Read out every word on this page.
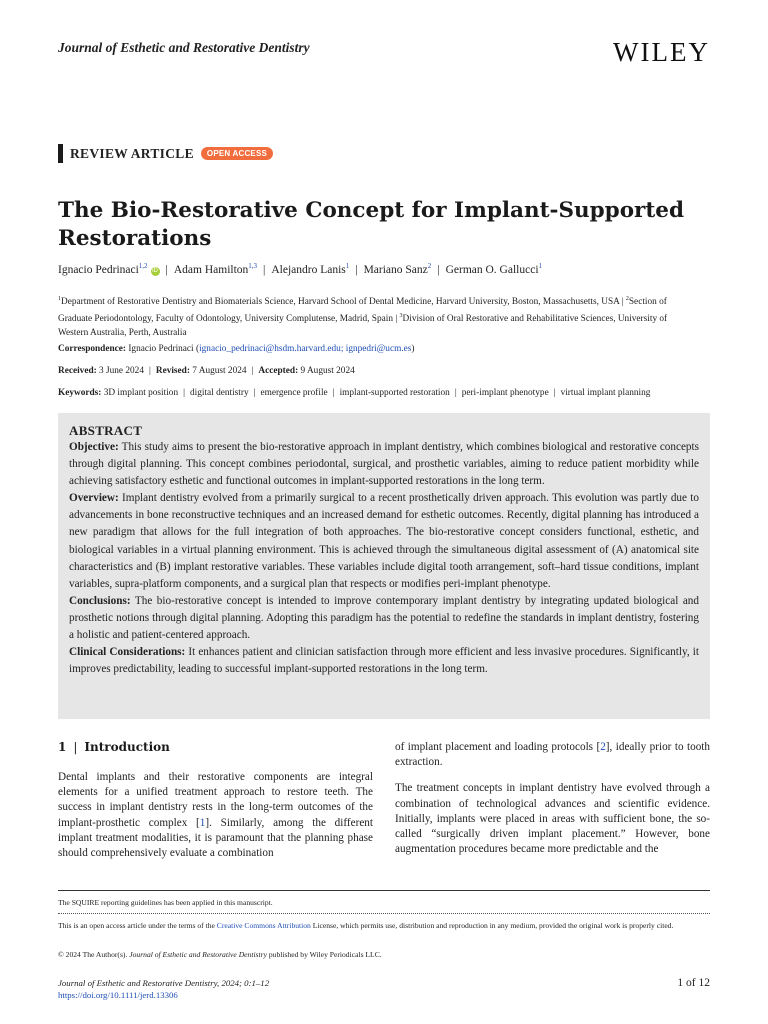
Journal of Esthetic and Restorative Dentistry	WILEY
REVIEW ARTICLE	OPEN ACCESS
The Bio-Restorative Concept for Implant-Supported Restorations
Ignacio Pedrinaci$^{1,2}$iD | Adam Hamilton$^{1,3}$ | Alejandro Lanis$^1$ | Mariano Sanz$^2$ | German O. Gallucci$^1$
$^1$Department of Restorative Dentistry and Biomaterials Science, Harvard School of Dental Medicine, Harvard University, Boston, Massachusetts, USA | $^2$Section of Graduate Periodontology, Faculty of Odontology, University Complutense, Madrid, Spain | $^3$Division of Oral Restorative and Rehabilitative Sciences, University of Western Australia, Perth, Australia
Correspondence: Ignacio Pedrinaci (ignacio_pedrinaci@hsdm.harvard.edu; ignpedri@ucm.es)
Received: 3 June 2024 | Revised: 7 August 2024 | Accepted: 9 August 2024
Keywords: 3D implant position | digital dentistry | emergence profile | implant-supported restoration | peri-implant phenotype | virtual implant planning
ABSTRACT

Objective: This study aims to present the bio-restorative approach in implant dentistry, which combines biological and restorative concepts through digital planning. This concept combines periodontal, surgical, and prosthetic variables, aiming to reduce patient morbidity while achieving satisfactory esthetic and functional outcomes in implant-supported restorations in the long term.

Overview: Implant dentistry evolved from a primarily surgical to a recent prosthetically driven approach. This evolution was partly due to advancements in bone reconstructive techniques and an increased demand for esthetic outcomes. Recently, digital planning has introduced a new paradigm that allows for the full integration of both approaches. The bio-restorative concept considers functional, esthetic, and biological variables in a virtual planning environment. This is achieved through the simultaneous digital assessment of (A) anatomical site characteristics and (B) implant restorative variables. These variables include digital tooth arrangement, soft–hard tissue conditions, implant variables, supra-platform components, and a surgical plan that respects or modifies peri-implant phenotype.

Conclusions: The bio-restorative concept is intended to improve contemporary implant dentistry by integrating updated biological and prosthetic notions through digital planning. Adopting this paradigm has the potential to redefine the standards in implant dentistry, fostering a holistic and patient-centered approach.

Clinical Considerations: It enhances patient and clinician satisfaction through more efficient and less invasive procedures. Significantly, it improves predictability, leading to successful implant-supported restorations in the long term.

1 | Introduction

Dental implants and their restorative components are integral elements for a unified treatment approach to restore teeth. The success in implant dentistry rests in the long-term outcomes of the implant-prosthetic complex [1]. Similarly, among the different implant treatment modalities, it is paramount that the planning phase should comprehensively evaluate a combination

of implant placement and loading protocols [2], ideally prior to tooth extraction.

The treatment concepts in implant dentistry have evolved through a combination of technological advances and scientific evidence. Initially, implants were placed in areas with sufficient bone, the so-called “surgically driven implant placement.” However, bone augmentation procedures became more predictable and the

The SQUIRE reporting guidelines has been applied in this manuscript.
This is an open access article under the terms of the Creative Commons Attribution License, which permits use, distribution and reproduction in any medium, provided the original work is properly cited.
© 2024 The Author(s). Journal of Esthetic and Restorative Dentistry published by Wiley Periodicals LLC.
Journal of Esthetic and Restorative Dentistry, 2024; 0:1–12
https://doi.org/10.1111/jerd.13306
1 of 12
